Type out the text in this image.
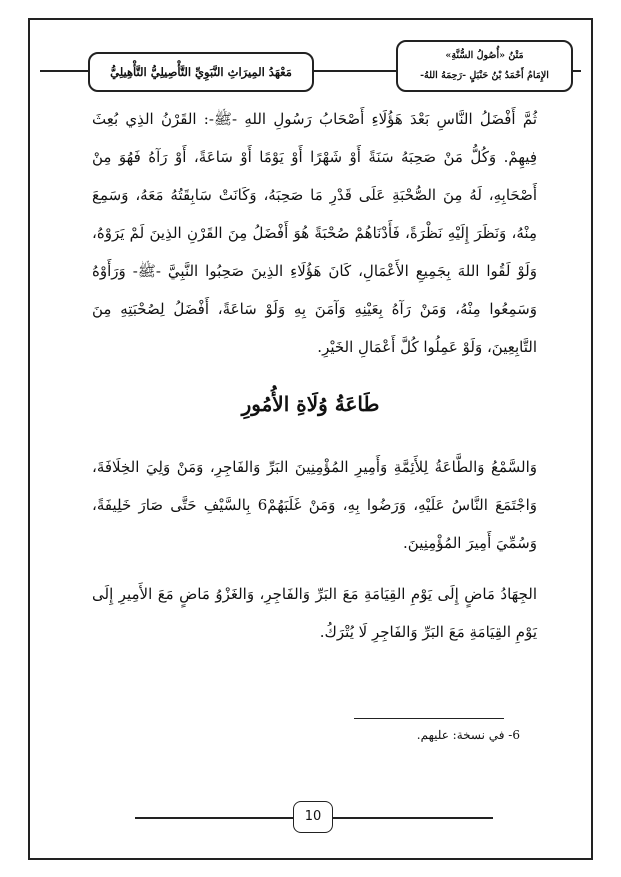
مَعْهَدُ المِيرَاثِ النَّبَوِيِّ التَّأْصِيلِيُّ التَّأْهِيلِيُّ
مَتْنُ «أُصُولُ السُّنَّةِ»
الإِمَامُ أَحْمَدُ بْنُ حَنْبَلٍ -رَحِمَهُ اللهُ-
ثُمَّ أَفْضَلُ النَّاسِ بَعْدَ هَؤُلَاءِ أَصْحَابُ رَسُولِ اللهِ -ﷺ-: القَرْنُ الذِي بُعِثَ فِيهِمْ. وَكُلُّ مَنْ صَحِبَهُ سَنَةً أَوْ شَهْرًا أَوْ يَوْمًا أَوْ سَاعَةً، أَوْ رَآهُ فَهُوَ مِنْ أَصْحَابِهِ، لَهُ مِنَ الصُّحْبَةِ عَلَى قَدْرِ مَا صَحِبَهُ، وَكَانَتْ سَابِقَتُهُ مَعَهُ، وَسَمِعَ مِنْهُ، وَنَظَرَ إِلَيْهِ نَظْرَةً، فَأَدْنَاهُمْ صُحْبَةً هُوَ أَفْضَلُ مِنَ القَرْنِ الذِينَ لَمْ يَرَوْهُ، وَلَوْ لَقُوا اللهَ بِجَمِيعِ الأَعْمَالِ، كَانَ هَؤُلَاءِ الذِينَ صَحِبُوا النَّبِيَّ -ﷺ- وَرَأَوْهُ وَسَمِعُوا مِنْهُ، وَمَنْ رَآهُ بِعَيْنِهِ وَآمَنَ بِهِ وَلَوْ سَاعَةً، أَفْضَلُ لِصُحْبَتِهِ مِنَ التَّابِعِينَ، وَلَوْ عَمِلُوا كُلَّ أَعْمَالِ الخَيْرِ.
طَاعَةُ وُلَاةِ الأُمُورِ
وَالسَّمْعُ وَالطَّاعَةُ لِلأَئِمَّةِ وَأَمِيرِ المُؤْمِنِينَ البَرِّ وَالفَاجِرِ، وَمَنْ وَلِيَ الخِلَافَةَ، وَاجْتَمَعَ النَّاسُ عَلَيْهِ، وَرَضُوا بِهِ، وَمَنْ غَلَبَهُمْ6 بِالسَّيْفِ حَتَّى صَارَ خَلِيفَةً، وَسُمِّيَ أَمِيرَ المُؤْمِنِينَ.
الجِهَادُ مَاضٍ إِلَى يَوْمِ القِيَامَةِ مَعَ البَرِّ وَالفَاجِرِ، وَالغَزْوُ مَاضٍ مَعَ الأَمِيرِ إِلَى يَوْمِ القِيَامَةِ مَعَ البَرِّ وَالفَاجِرِ لَا يُتْرَكُ.
6- في نسخة: عليهم.
10
